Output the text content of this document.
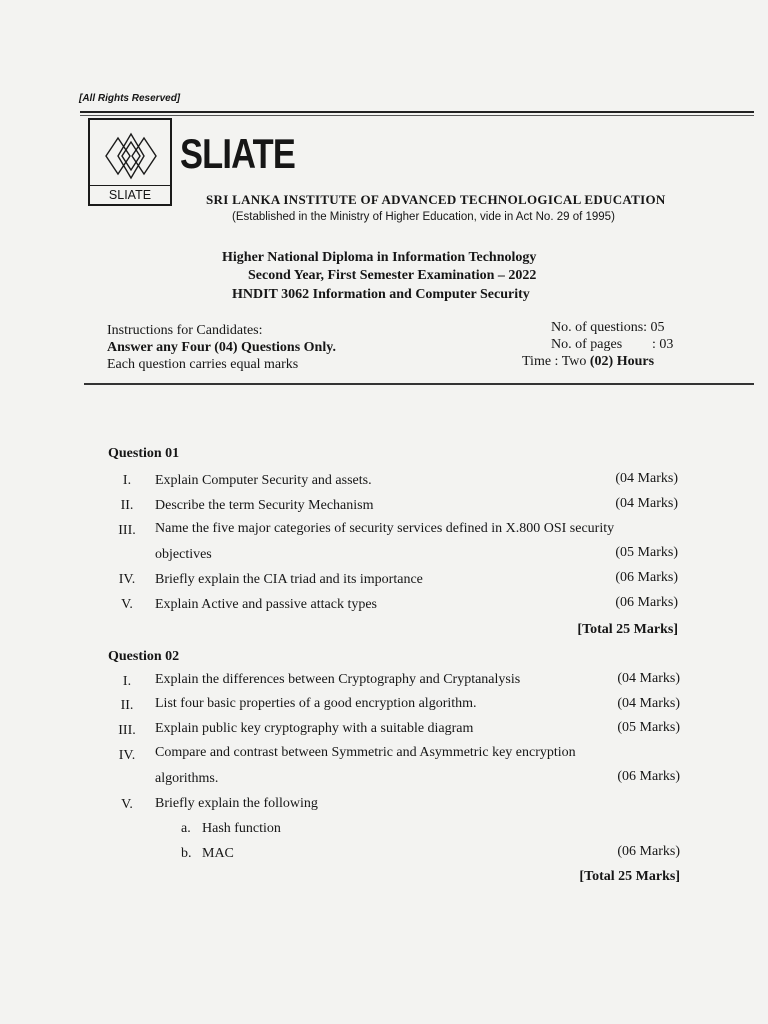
[All Rights Reserved]
SLIATE
SLIATE
SRI LANKA INSTITUTE OF ADVANCED TECHNOLOGICAL EDUCATION
(Established in the Ministry of Higher Education, vide in Act No. 29 of 1995)
Higher National Diploma in Information Technology
Second Year, First Semester Examination – 2022
HNDIT 3062 Information and Computer Security
Instructions for Candidates:
Answer any Four (04) Questions Only.
Each question carries equal marks
No. of questions: 05
No. of pages : 03
Time : Two (02) Hours
Question 01
I.	Explain Computer Security and assets.	(04 Marks)
II.	Describe the term Security Mechanism	(04 Marks)
III.	Name the five major categories of security services defined in X.800 OSI security
objectives	(05 Marks)
IV.	Briefly explain the CIA triad and its importance	(06 Marks)
V.	Explain Active and passive attack types	(06 Marks)
[Total 25 Marks]
Question 02
I.	Explain the differences between Cryptography and Cryptanalysis	(04 Marks)
II.	List four basic properties of a good encryption algorithm.	(04 Marks)
III.	Explain public key cryptography with a suitable diagram	(05 Marks)
IV.	Compare and contrast between Symmetric and Asymmetric key encryption
algorithms.	(06 Marks)
V.	Briefly explain the following
a. Hash function
b. MAC	(06 Marks)
[Total 25 Marks]
